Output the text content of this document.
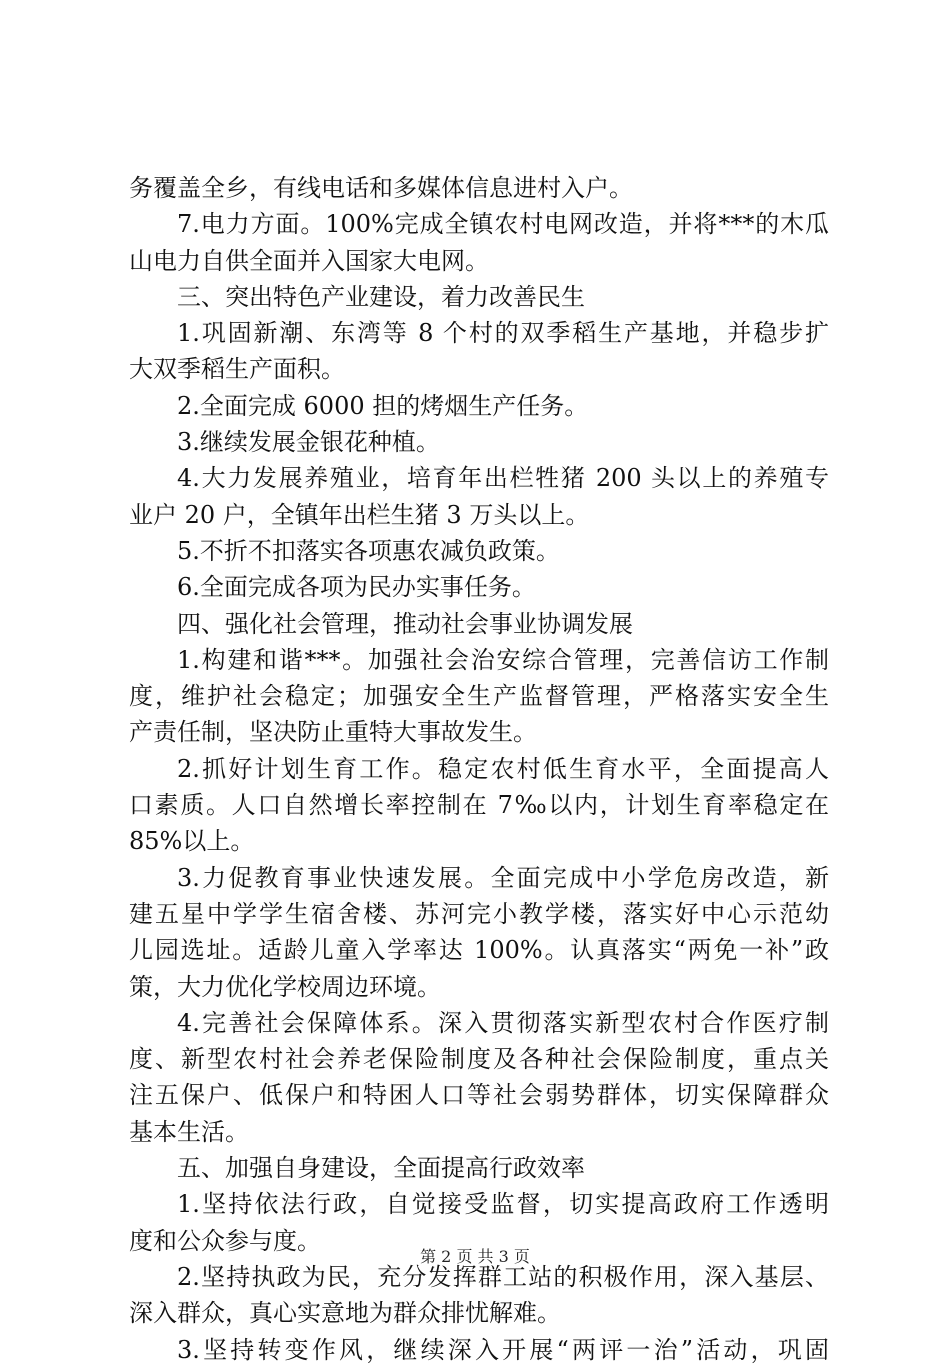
务覆盖全乡，有线电话和多媒体信息进村入户。
7.电力方面。100%完成全镇农村电网改造，并将***的木瓜
山电力自供全面并入国家大电网。
三、突出特色产业建设，着力改善民生
1.巩固新潮、东湾等 8 个村的双季稻生产基地，并稳步扩
大双季稻生产面积。
2.全面完成 6000 担的烤烟生产任务。
3.继续发展金银花种植。
4.大力发展养殖业，培育年出栏牲猪 200 头以上的养殖专
业户 20 户，全镇年出栏生猪 3 万头以上。
5.不折不扣落实各项惠农减负政策。
6.全面完成各项为民办实事任务。
四、强化社会管理，推动社会事业协调发展
1.构建和谐***。加强社会治安综合管理，完善信访工作制
度，维护社会稳定；加强安全生产监督管理，严格落实安全生
产责任制，坚决防止重特大事故发生。
2.抓好计划生育工作。稳定农村低生育水平，全面提高人
口素质。人口自然增长率控制在 7‰以内，计划生育率稳定在
85%以上。
3.力促教育事业快速发展。全面完成中小学危房改造，新
建五星中学学生宿舍楼、苏河完小教学楼，落实好中心示范幼
儿园选址。适龄儿童入学率达 100%。认真落实“两免一补”政
策，大力优化学校周边环境。
4.完善社会保障体系。深入贯彻落实新型农村合作医疗制
度、新型农村社会养老保险制度及各种社会保险制度，重点关
注五保户、低保户和特困人口等社会弱势群体，切实保障群众
基本生活。
五、加强自身建设，全面提高行政效率
1.坚持依法行政，自觉接受监督，切实提高政府工作透明
度和公众参与度。
2.坚持执政为民，充分发挥群工站的积极作用，深入基层、
深入群众，真心实意地为群众排忧解难。
3.坚持转变作风，继续深入开展“两评一治”活动，巩固
第 2 页 共 3 页
